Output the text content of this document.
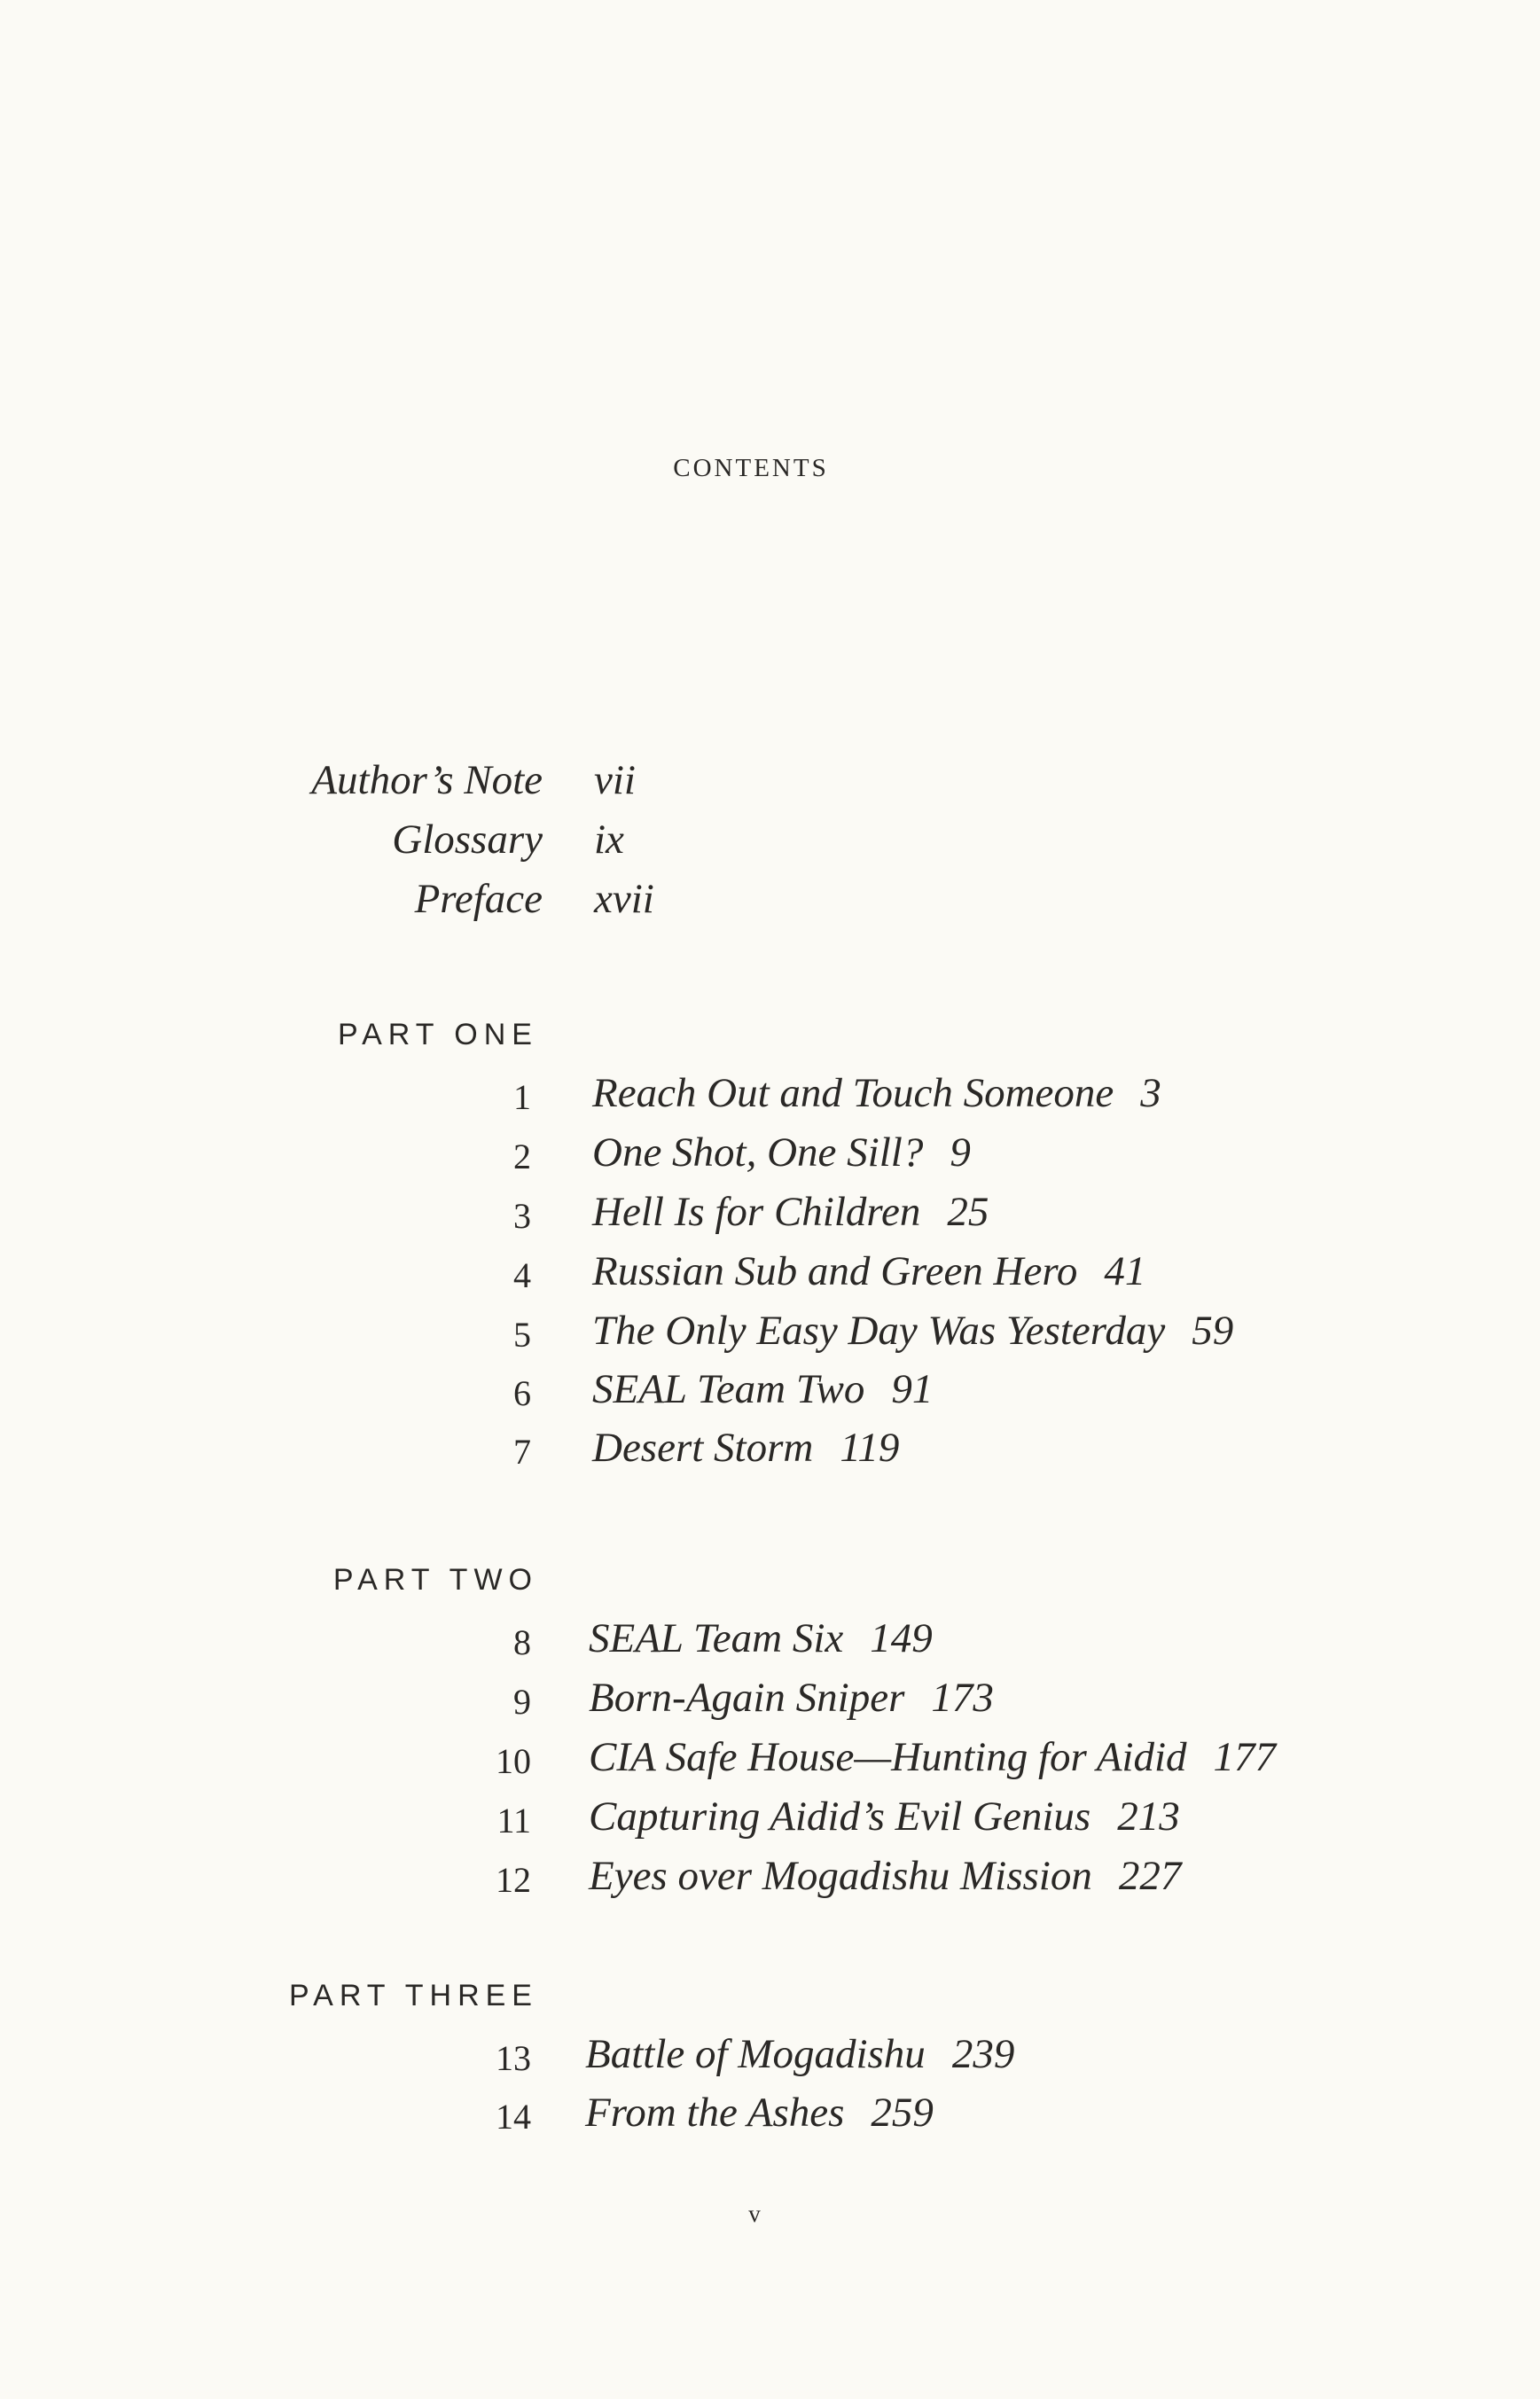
CONTENTS
Author’s Note vii
Glossary ix
Preface xvii
PART ONE
1 Reach Out and Touch Someone 3
2 One Shot, One Sill? 9
3 Hell Is for Children 25
4 Russian Sub and Green Hero 41
5 The Only Easy Day Was Yesterday 59
6 SEAL Team Two 91
7 Desert Storm 119
PART TWO
8 SEAL Team Six 149
9 Born-Again Sniper 173
10 CIA Safe House—Hunting for Aidid 177
11 Capturing Aidid’s Evil Genius 213
12 Eyes over Mogadishu Mission 227
PART THREE
13 Battle of Mogadishu 239
14 From the Ashes 259
v
